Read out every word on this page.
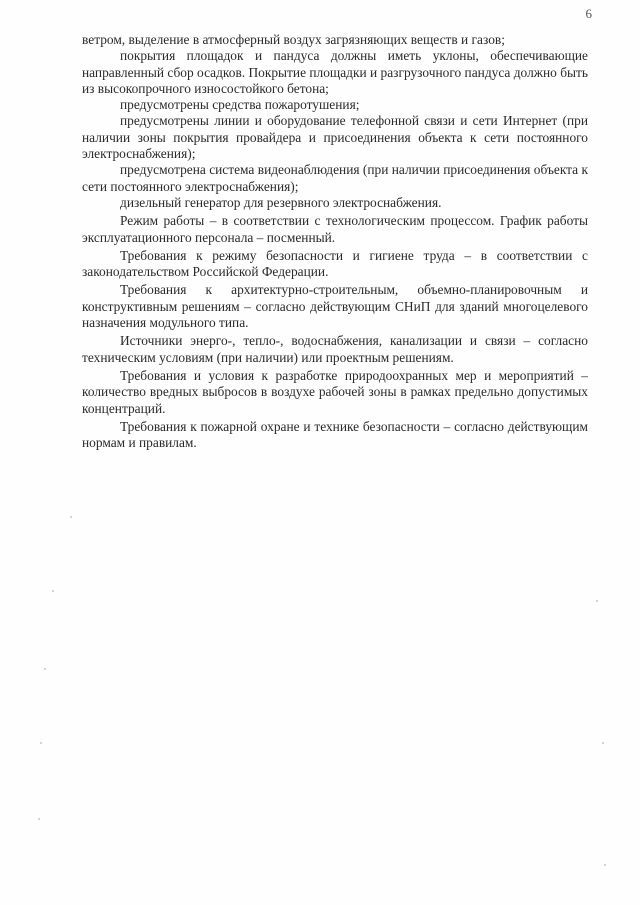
6

ветром, выделение в атмосферный воздух загрязняющих веществ и газов;

покрытия площадок и пандуса должны иметь уклоны, обеспечивающие направленный сбор осадков. Покрытие площадки и разгрузочного пандуса должно быть из высокопрочного износостойкого бетона;

предусмотрены средства пожаротушения;

предусмотрены линии и оборудование телефонной связи и сети Интернет (при наличии зоны покрытия провайдера и присоединения объекта к сети постоянного электроснабжения);

предусмотрена система видеонаблюдения (при наличии присоединения объекта к сети постоянного электроснабжения);

дизельный генератор для резервного электроснабжения.

Режим работы – в соответствии с технологическим процессом. График работы эксплуатационного персонала – посменный.

Требования к режиму безопасности и гигиене труда – в соответствии с законодательством Российской Федерации.

Требования к архитектурно-строительным, объемно-планировочным и конструктивным решениям – согласно действующим СНиП для зданий многоцелевого назначения модульного типа.

Источники энерго-, тепло-, водоснабжения, канализации и связи – согласно техническим условиям (при наличии) или проектным решениям.

Требования и условия к разработке природоохранных мер и мероприятий – количество вредных выбросов в воздухе рабочей зоны в рамках предельно допустимых концентраций.

Требования к пожарной охране и технике безопасности – согласно действующим нормам и правилам.
